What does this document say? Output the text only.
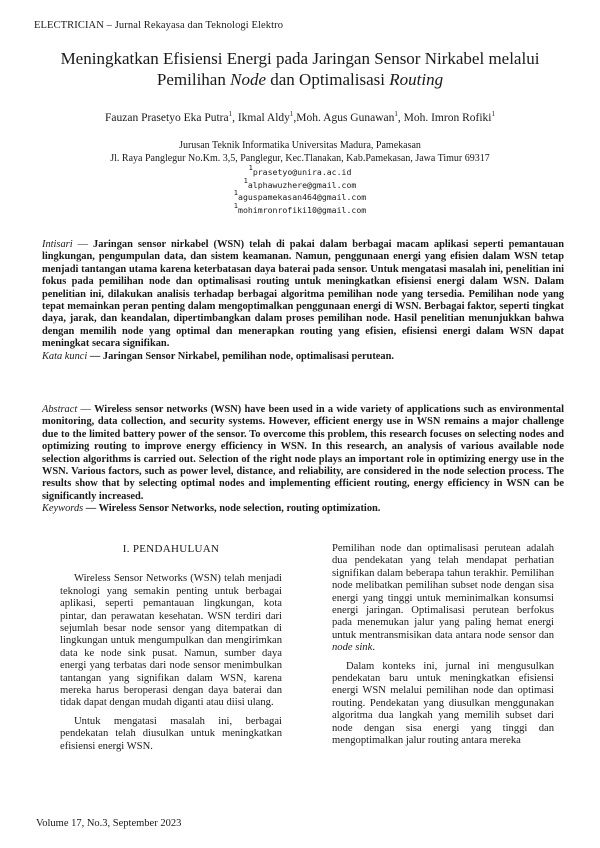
ELECTRICIAN – Jurnal Rekayasa dan Teknologi Elektro
Meningkatkan Efisiensi Energi pada Jaringan Sensor Nirkabel melalui
Pemilihan Node dan Optimalisasi Routing
Fauzan Prasetyo Eka Putra$^1$, Ikmal Aldy$^1$,Moh. Agus Gunawan$^1$, Moh. Imron Rofiki$^1$
Jurusan Teknik Informatika Universitas Madura, Pamekasan
Jl. Raya Panglegur No.Km. 3,5, Panglegur, Kec.Tlanakan, Kab.Pamekasan, Jawa Timur 69317
$^1$prasetyo@unira.ac.id
$^1$alphawuzhere@gmail.com
$^1$aguspamekasan464@gmail.com
$^1$mohimronrofiki10@gmail.com
Intisari — Jaringan sensor nirkabel (WSN) telah di pakai dalam berbagai macam aplikasi seperti pemantauan lingkungan, pengumpulan data, dan sistem keamanan. Namun, penggunaan energi yang efisien dalam WSN tetap menjadi tantangan utama karena keterbatasan daya baterai pada sensor. Untuk mengatasi masalah ini, penelitian ini fokus pada pemilihan node dan optimalisasi routing untuk meningkatkan efisiensi energi dalam WSN. Dalam penelitian ini, dilakukan analisis terhadap berbagai algoritma pemilihan node yang tersedia. Pemilihan node yang tepat memainkan peran penting dalam mengoptimalkan penggunaan energi di WSN. Berbagai faktor, seperti tingkat daya, jarak, dan keandalan, dipertimbangkan dalam proses pemilihan node. Hasil penelitian menunjukkan bahwa dengan memilih node yang optimal dan menerapkan routing yang efisien, efisiensi energi dalam WSN dapat meningkat secara signifikan.
Kata kunci — Jaringan Sensor Nirkabel, pemilihan node, optimalisasi perutean.
Abstract — Wireless sensor networks (WSN) have been used in a wide variety of applications such as environmental monitoring, data collection, and security systems. However, efficient energy use in WSN remains a major challenge due to the limited battery power of the sensor. To overcome this problem, this research focuses on selecting nodes and optimizing routing to improve energy efficiency in WSN. In this research, an analysis of various available node selection algorithms is carried out. Selection of the right node plays an important role in optimizing energy use in the WSN. Various factors, such as power level, distance, and reliability, are considered in the node selection process. The results show that by selecting optimal nodes and implementing efficient routing, energy efficiency in WSN can be significantly increased.
Keywords — Wireless Sensor Networks, node selection, routing optimization.
I. PENDAHULUAN

Wireless Sensor Networks (WSN) telah menjadi teknologi yang semakin penting untuk berbagai aplikasi, seperti pemantauan lingkungan, kota pintar, dan perawatan kesehatan. WSN terdiri dari sejumlah besar node sensor yang ditempatkan di lingkungan untuk mengumpulkan dan mengirimkan data ke node sink pusat. Namun, sumber daya energi yang terbatas dari node sensor menimbulkan tantangan yang signifikan dalam WSN, karena mereka harus beroperasi dengan daya baterai dan tidak dapat dengan mudah diganti atau diisi ulang.

Untuk mengatasi masalah ini, berbagai pendekatan telah diusulkan untuk meningkatkan efisiensi energi WSN.

Pemilihan node dan optimalisasi perutean adalah dua pendekatan yang telah mendapat perhatian signifikan dalam beberapa tahun terakhir. Pemilihan node melibatkan pemilihan subset node dengan sisa energi yang tinggi untuk meminimalkan konsumsi energi jaringan. Optimalisasi perutean berfokus pada menemukan jalur yang paling hemat energi untuk mentransmisikan data antara node sensor dan node sink.

Dalam konteks ini, jurnal ini mengusulkan pendekatan baru untuk meningkatkan efisiensi energi WSN melalui pemilihan node dan optimasi routing. Pendekatan yang diusulkan menggunakan algoritma dua langkah yang memilih subset dari node dengan sisa energi yang tinggi dan mengoptimalkan jalur routing antara mereka

Volume 17, No.3, September 2023
